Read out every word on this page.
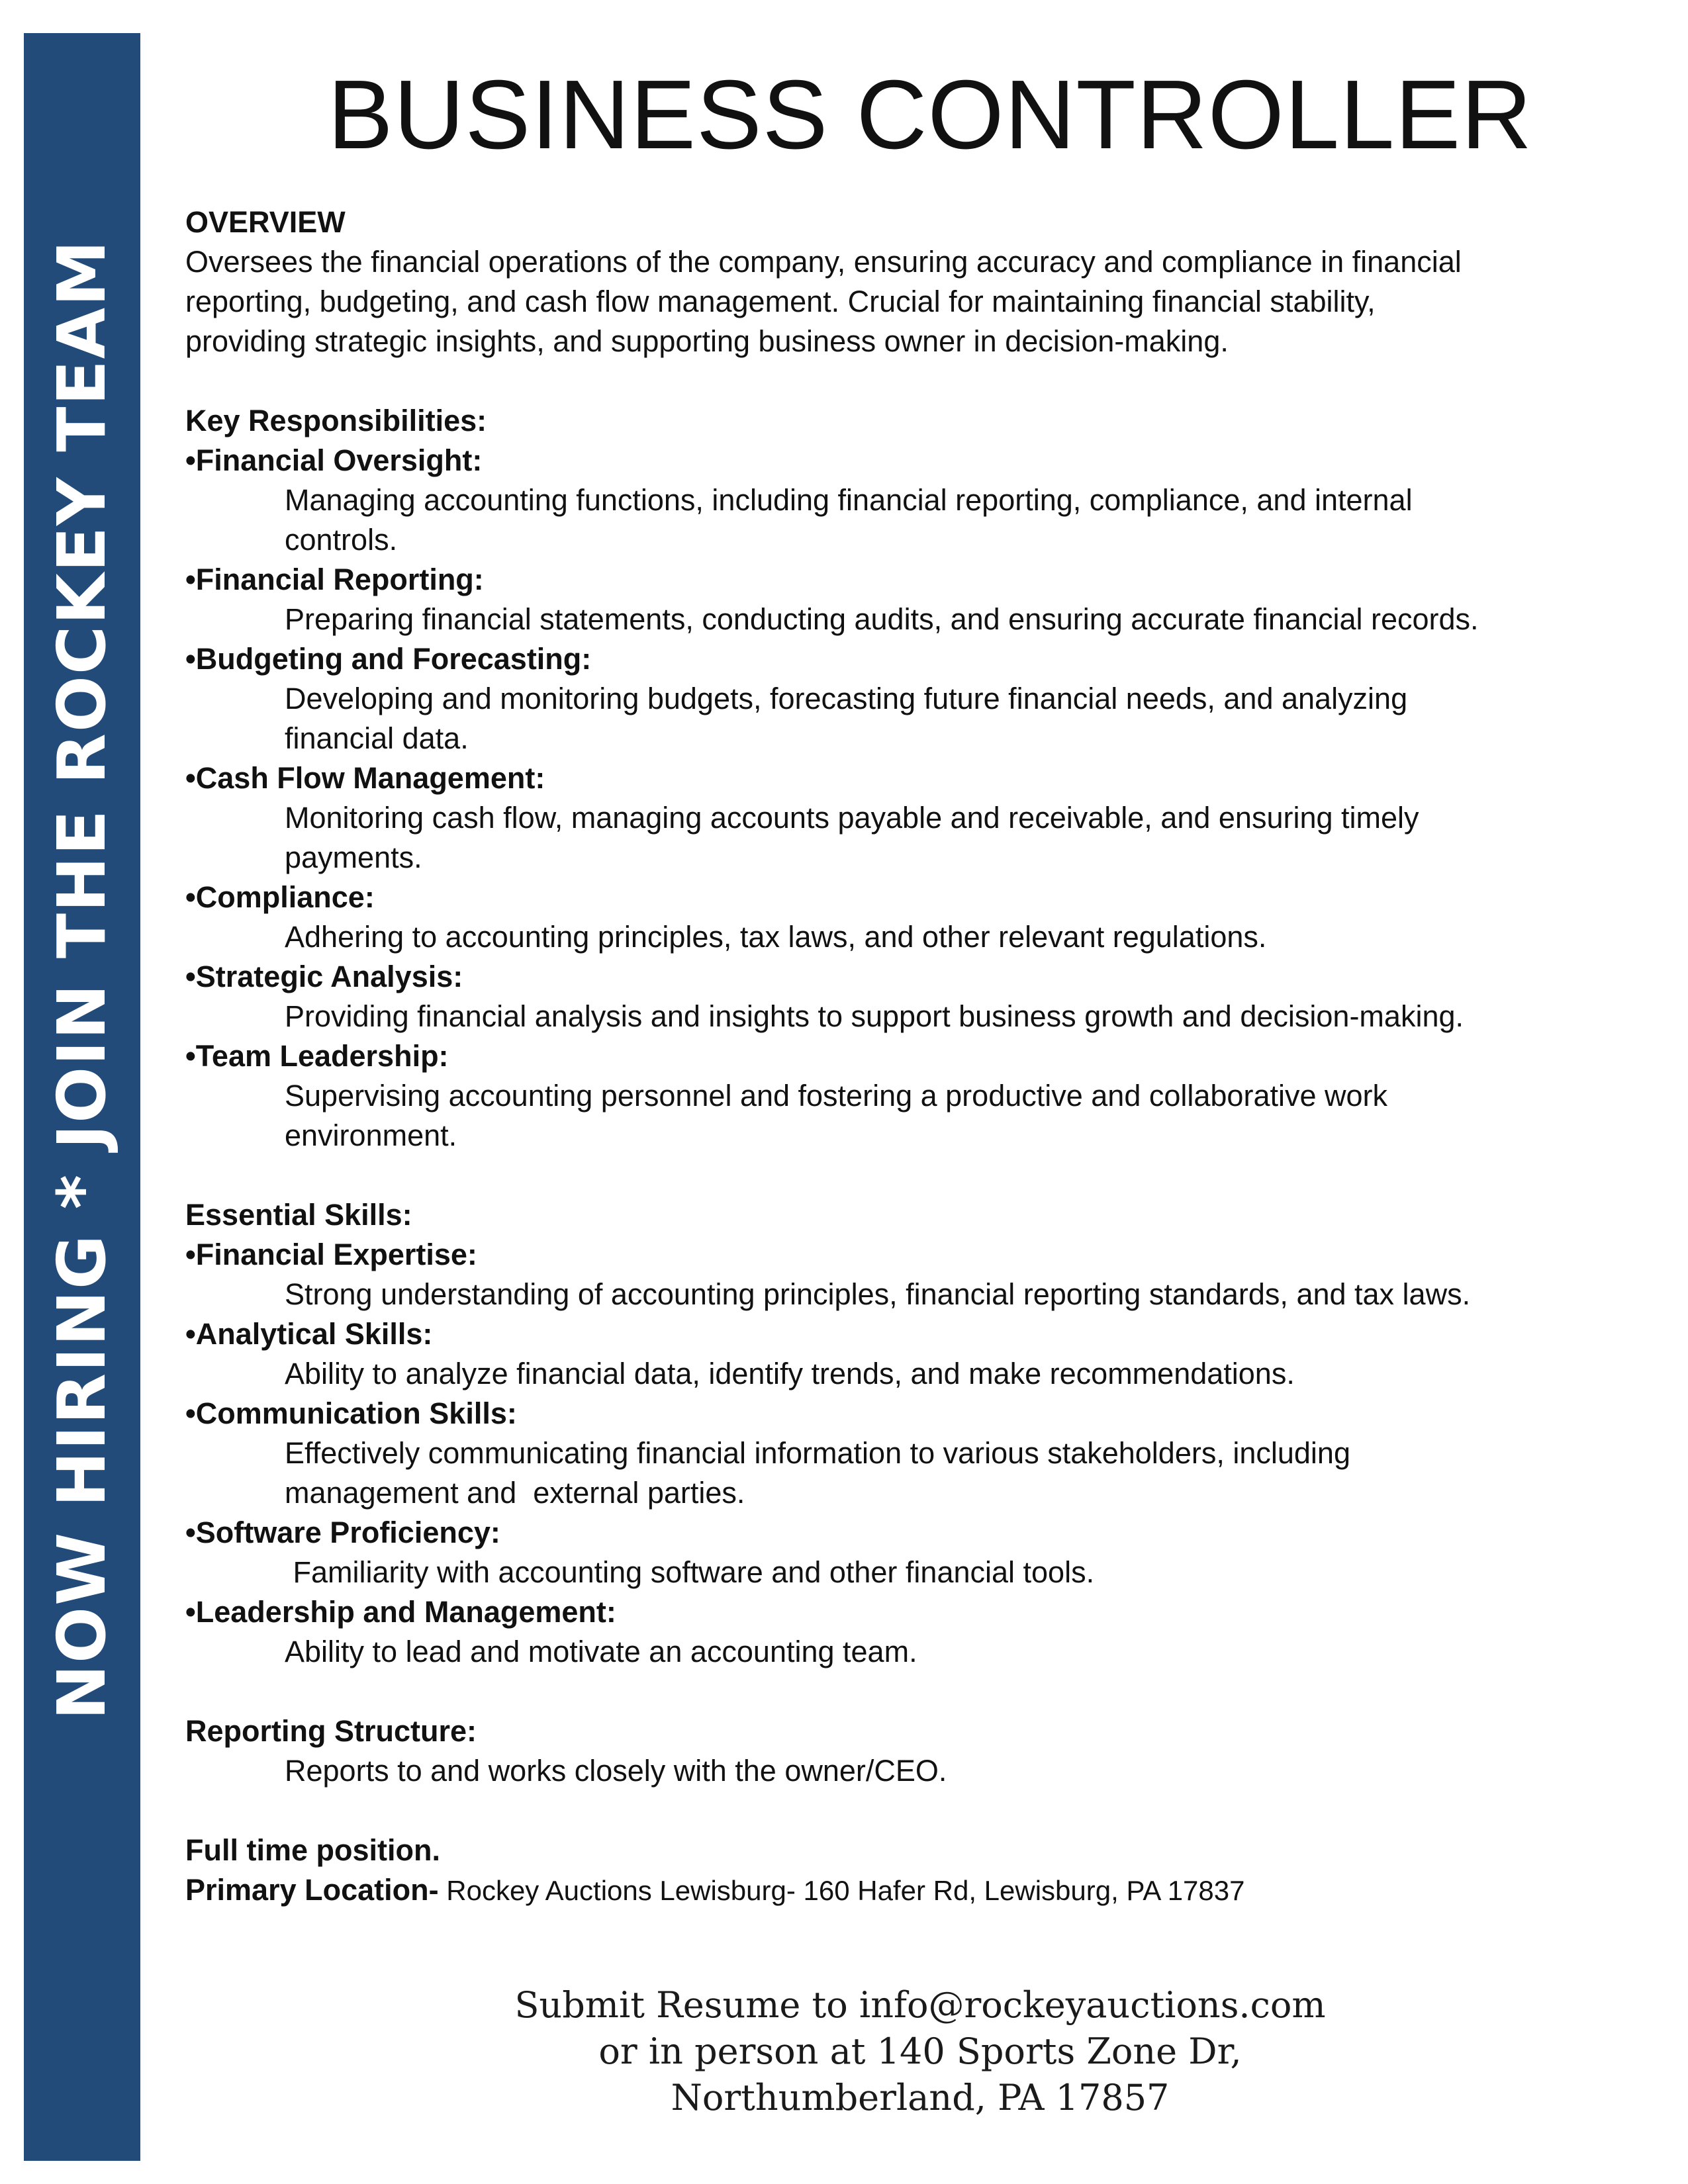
NOW HIRING * JOIN THE ROCKEY TEAM
BUSINESS CONTROLLER

OVERVIEW

Oversees the financial operations of the company, ensuring accuracy and compliance in financial

reporting, budgeting, and cash flow management. Crucial for maintaining financial stability,

providing strategic insights, and supporting business owner in decision-making.

Key Responsibilities:

•Financial Oversight:

Managing accounting functions, including financial reporting, compliance, and internal

controls.

•Financial Reporting:

Preparing financial statements, conducting audits, and ensuring accurate financial records.

•Budgeting and Forecasting:

Developing and monitoring budgets, forecasting future financial needs, and analyzing

financial data.

•Cash Flow Management:

Monitoring cash flow, managing accounts payable and receivable, and ensuring timely

payments.

•Compliance:

Adhering to accounting principles, tax laws, and other relevant regulations.

•Strategic Analysis:

Providing financial analysis and insights to support business growth and decision-making.

•Team Leadership:

Supervising accounting personnel and fostering a productive and collaborative work

environment.

Essential Skills:

•Financial Expertise:

Strong understanding of accounting principles, financial reporting standards, and tax laws.

•Analytical Skills:

Ability to analyze financial data, identify trends, and make recommendations.

•Communication Skills:

Effectively communicating financial information to various stakeholders, including

management and  external parties.

•Software Proficiency:

Familiarity with accounting software and other financial tools.

•Leadership and Management:

Ability to lead and motivate an accounting team.

Reporting Structure:

Reports to and works closely with the owner/CEO.

Full time position.

Primary Location- Rockey Auctions Lewisburg- 160 Hafer Rd, Lewisburg, PA 17837

Submit Resume to info@rockeyauctions.com

or in person at 140 Sports Zone Dr,

Northumberland, PA 17857
